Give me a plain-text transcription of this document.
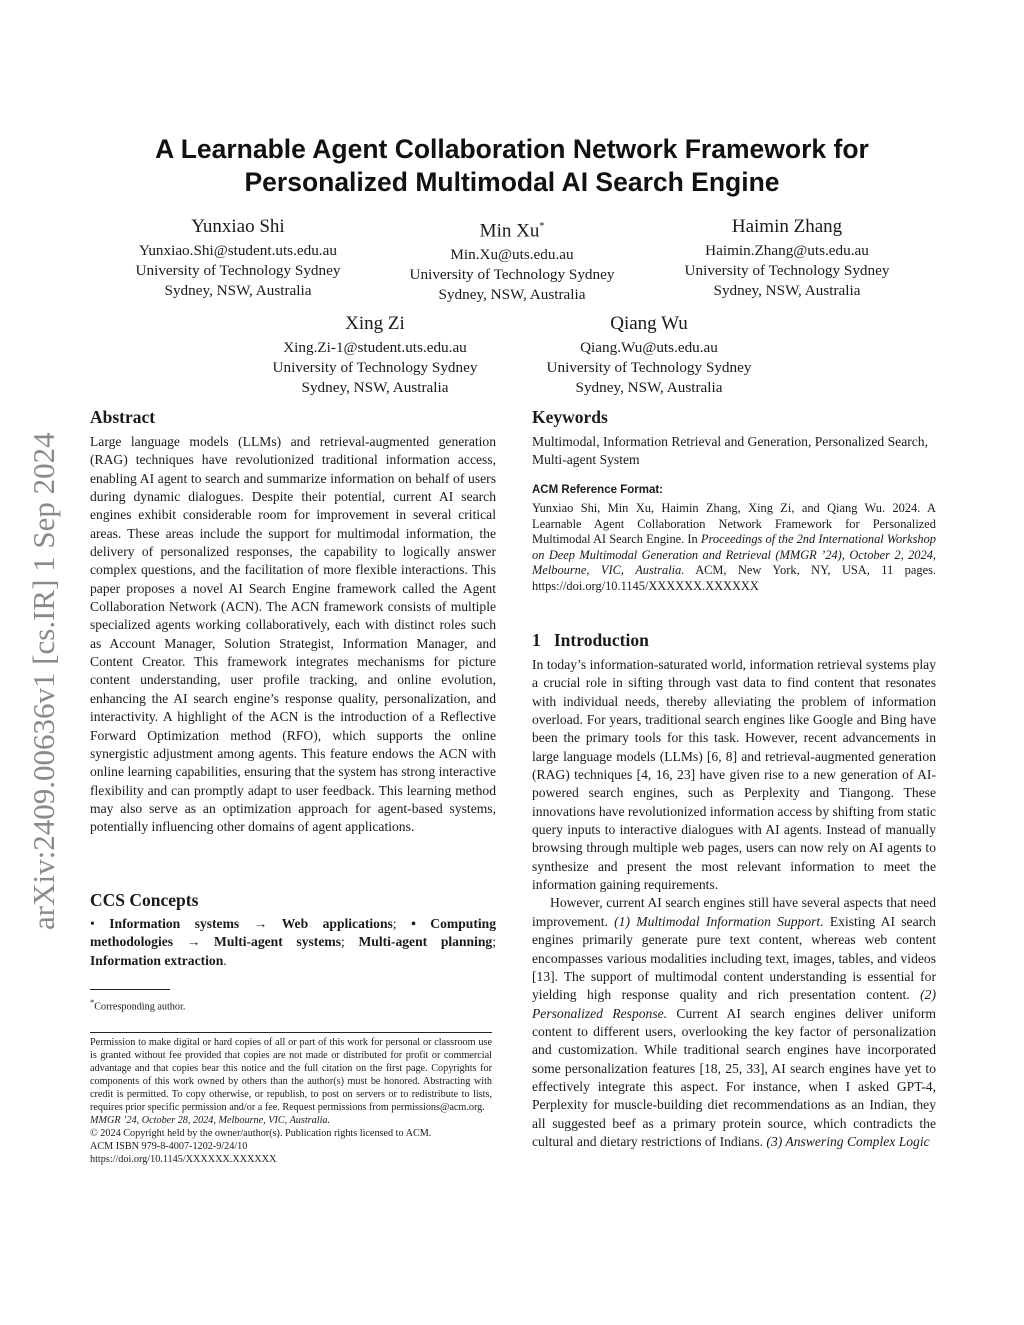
arXiv:2409.00636v1 [cs.IR] 1 Sep 2024
A Learnable Agent Collaboration Network Framework for
Personalized Multimodal AI Search Engine
Yunxiao Shi
Yunxiao.Shi@student.uts.edu.au
University of Technology Sydney
Sydney, NSW, Australia
Min Xu*
Min.Xu@uts.edu.au
University of Technology Sydney
Sydney, NSW, Australia
Haimin Zhang
Haimin.Zhang@uts.edu.au
University of Technology Sydney
Sydney, NSW, Australia
Xing Zi
Xing.Zi-1@student.uts.edu.au
University of Technology Sydney
Sydney, NSW, Australia
Qiang Wu
Qiang.Wu@uts.edu.au
University of Technology Sydney
Sydney, NSW, Australia
Abstract
Large language models (LLMs) and retrieval-augmented generation (RAG) techniques have revolutionized traditional information access, enabling AI agent to search and summarize information on behalf of users during dynamic dialogues. Despite their potential, current AI search engines exhibit considerable room for improvement in several critical areas. These areas include the support for multimodal information, the delivery of personalized responses, the capability to logically answer complex questions, and the facilitation of more flexible interactions. This paper proposes a novel AI Search Engine framework called the Agent Collaboration Network (ACN). The ACN framework consists of multiple specialized agents working collaboratively, each with distinct roles such as Account Manager, Solution Strategist, Information Manager, and Content Creator. This framework integrates mechanisms for picture content understanding, user profile tracking, and online evolution, enhancing the AI search engine’s response quality, personalization, and interactivity. A highlight of the ACN is the introduction of a Reflective Forward Optimization method (RFO), which supports the online synergistic adjustment among agents. This feature endows the ACN with online learning capabilities, ensuring that the system has strong interactive flexibility and can promptly adapt to user feedback. This learning method may also serve as an optimization approach for agent-based systems, potentially influencing other domains of agent applications.
CCS Concepts
• Information systems → Web applications; • Computing methodologies → Multi-agent systems; Multi-agent planning; Information extraction.
*Corresponding author.

Permission to make digital or hard copies of all or part of this work for personal or classroom use is granted without fee provided that copies are not made or distributed for profit or commercial advantage and that copies bear this notice and the full citation on the first page. Copyrights for components of this work owned by others than the author(s) must be honored. Abstracting with credit is permitted. To copy otherwise, or republish, to post on servers or to redistribute to lists, requires prior specific permission and/or a fee. Request permissions from permissions@acm.org.

MMGR ’24, October 28, 2024, Melbourne, VIC, Australia.

© 2024 Copyright held by the owner/author(s). Publication rights licensed to ACM.

ACM ISBN 979-8-4007-1202-9/24/10

https://doi.org/10.1145/XXXXXX.XXXXXX

Keywords
Multimodal, Information Retrieval and Generation, Personalized Search, Multi-agent System
ACM Reference Format:
Yunxiao Shi, Min Xu, Haimin Zhang, Xing Zi, and Qiang Wu. 2024. A Learnable Agent Collaboration Network Framework for Personalized Multimodal AI Search Engine. In Proceedings of the 2nd International Workshop on Deep Multimodal Generation and Retrieval (MMGR ’24), October 2, 2024, Melbourne, VIC, Australia. ACM, New York, NY, USA, 11 pages. https://doi.org/10.1145/XXXXXX.XXXXXX
1 Introduction

In today’s information-saturated world, information retrieval systems play a crucial role in sifting through vast data to find content that resonates with individual needs, thereby alleviating the problem of information overload. For years, traditional search engines like Google and Bing have been the primary tools for this task. However, recent advancements in large language models (LLMs) [6, 8] and retrieval-augmented generation (RAG) techniques [4, 16, 23] have given rise to a new generation of AI-powered search engines, such as Perplexity and Tiangong. These innovations have revolutionized information access by shifting from static query inputs to interactive dialogues with AI agents. Instead of manually browsing through multiple web pages, users can now rely on AI agents to synthesize and present the most relevant information to meet the information gaining requirements.

However, current AI search engines still have several aspects that need improvement. (1) Multimodal Information Support. Existing AI search engines primarily generate pure text content, whereas web content encompasses various modalities including text, images, tables, and videos [13]. The support of multimodal content understanding is essential for yielding high response quality and rich presentation content. (2) Personalized Response. Current AI search engines deliver uniform content to different users, overlooking the key factor of personalization and customization. While traditional search engines have incorporated some personalization features [18, 25, 33], AI search engines have yet to effectively integrate this aspect. For instance, when I asked GPT-4, Perplexity for muscle-building diet recommendations as an Indian, they all suggested beef as a primary protein source, which contradicts the cultural and dietary restrictions of Indians. (3) Answering Complex Logic
